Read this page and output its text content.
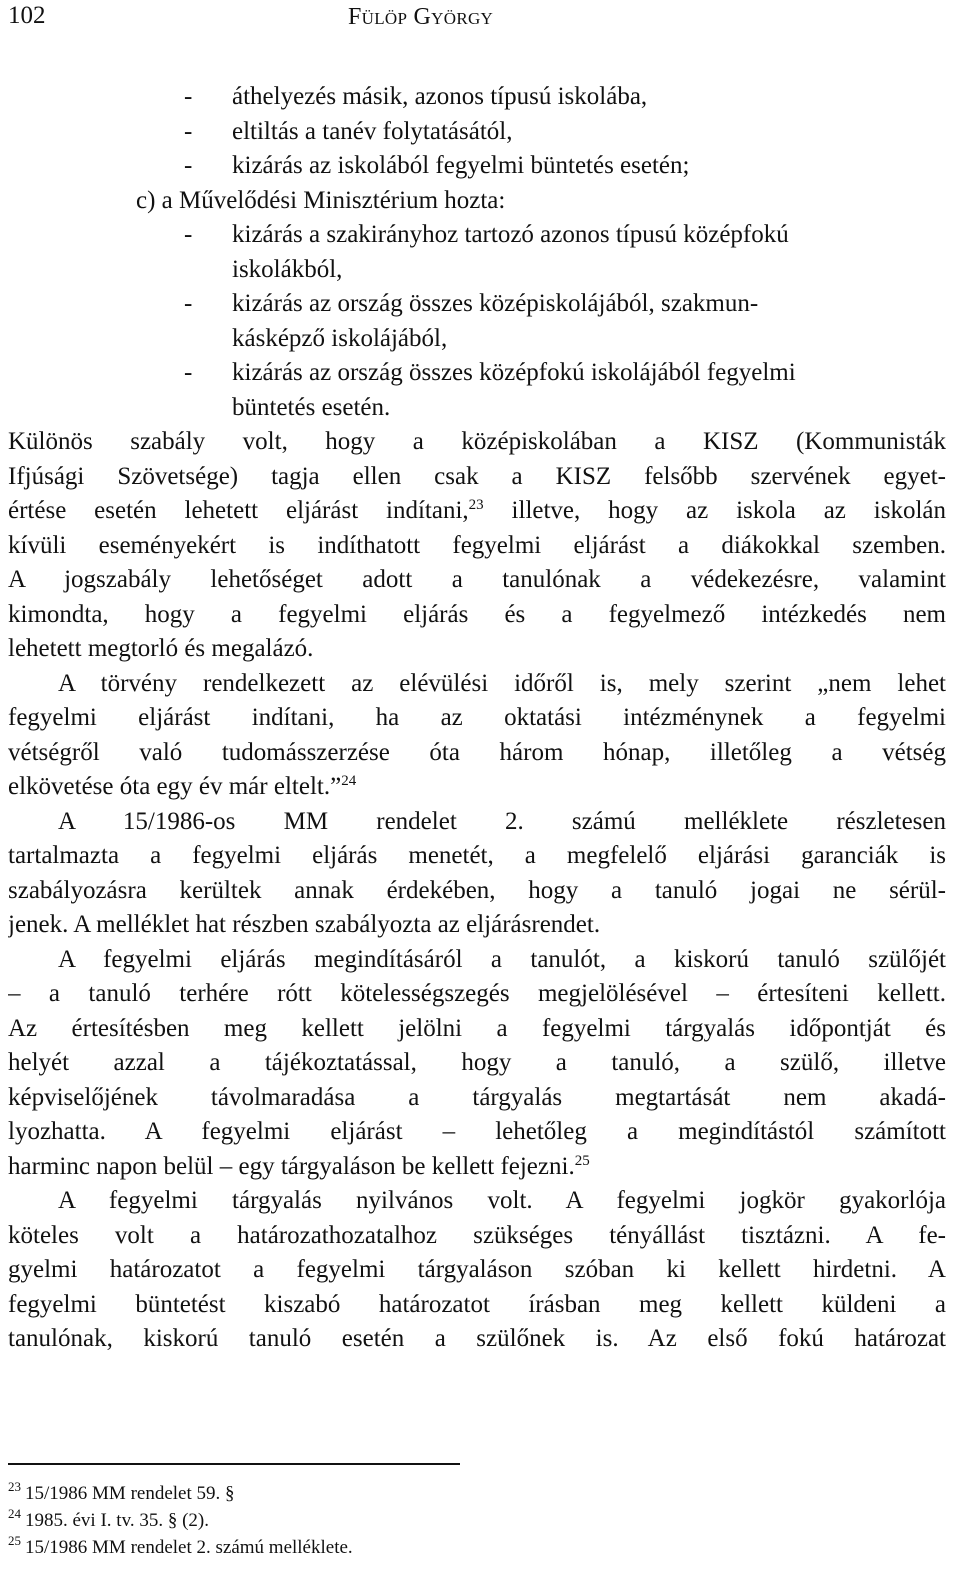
102	Fülöp György
- áthelyezés másik, azonos típusú iskolába,
- eltiltás a tanév folytatásától,
- kizárás az iskolából fegyelmi büntetés esetén;
c) a Művelődési Minisztérium hozta:
- kizárás a szakirányhoz tartozó azonos típusú középfokú
iskolákból,
- kizárás az ország összes középiskolájából, szakmun-
kásképző iskolájából,
- kizárás az ország összes középfokú iskolájából fegyelmi
büntetés esetén.
Különös szabály volt, hogy a középiskolában a KISZ (Kommunisták
Ifjúsági Szövetsége) tagja ellen csak a KISZ felsőbb szervének egyet-
értése esetén lehetett eljárást indítani,$^{23}$ illetve, hogy az iskola az iskolán
kívüli eseményekért is indíthatott fegyelmi eljárást a diákokkal szemben.
A jogszabály lehetőséget adott a tanulónak a védekezésre, valamint
kimondta, hogy a fegyelmi eljárás és a fegyelmező intézkedés nem
lehetett megtorló és megalázó.
A törvény rendelkezett az elévülési időről is, mely szerint „nem lehet
fegyelmi eljárást indítani, ha az oktatási intézménynek a fegyelmi
vétségről való tudomásszerzése óta három hónap, illetőleg a vétség
elkövetése óta egy év már eltelt.”$^{24}$
A 15/1986-os MM rendelet 2. számú melléklete részletesen
tartalmazta a fegyelmi eljárás menetét, a megfelelő eljárási garanciák is
szabályozásra kerültek annak érdekében, hogy a tanuló jogai ne sérül-
jenek. A melléklet hat részben szabályozta az eljárásrendet.
A fegyelmi eljárás megindításáról a tanulót, a kiskorú tanuló szülőjét
– a tanuló terhére rótt kötelességszegés megjelölésével – értesíteni kellett.
Az értesítésben meg kellett jelölni a fegyelmi tárgyalás időpontját és
helyét azzal a tájékoztatással, hogy a tanuló, a szülő, illetve
képviselőjének távolmaradása a tárgyalás megtartását nem akadá-
lyozhatta. A fegyelmi eljárást – lehetőleg a megindítástól számított
harminc napon belül – egy tárgyaláson be kellett fejezni.$^{25}$
A fegyelmi tárgyalás nyilvános volt. A fegyelmi jogkör gyakorlója
köteles volt a határozathozatalhoz szükséges tényállást tisztázni. A fe-
gyelmi határozatot a fegyelmi tárgyaláson szóban ki kellett hirdetni. A
fegyelmi büntetést kiszabó határozatot írásban meg kellett küldeni a
tanulónak, kiskorú tanuló esetén a szülőnek is. Az első fokú határozat
$^{23}$ 15/1986 MM rendelet 59. §
$^{24}$ 1985. évi I. tv. 35. § (2).
$^{25}$ 15/1986 MM rendelet 2. számú melléklete.
